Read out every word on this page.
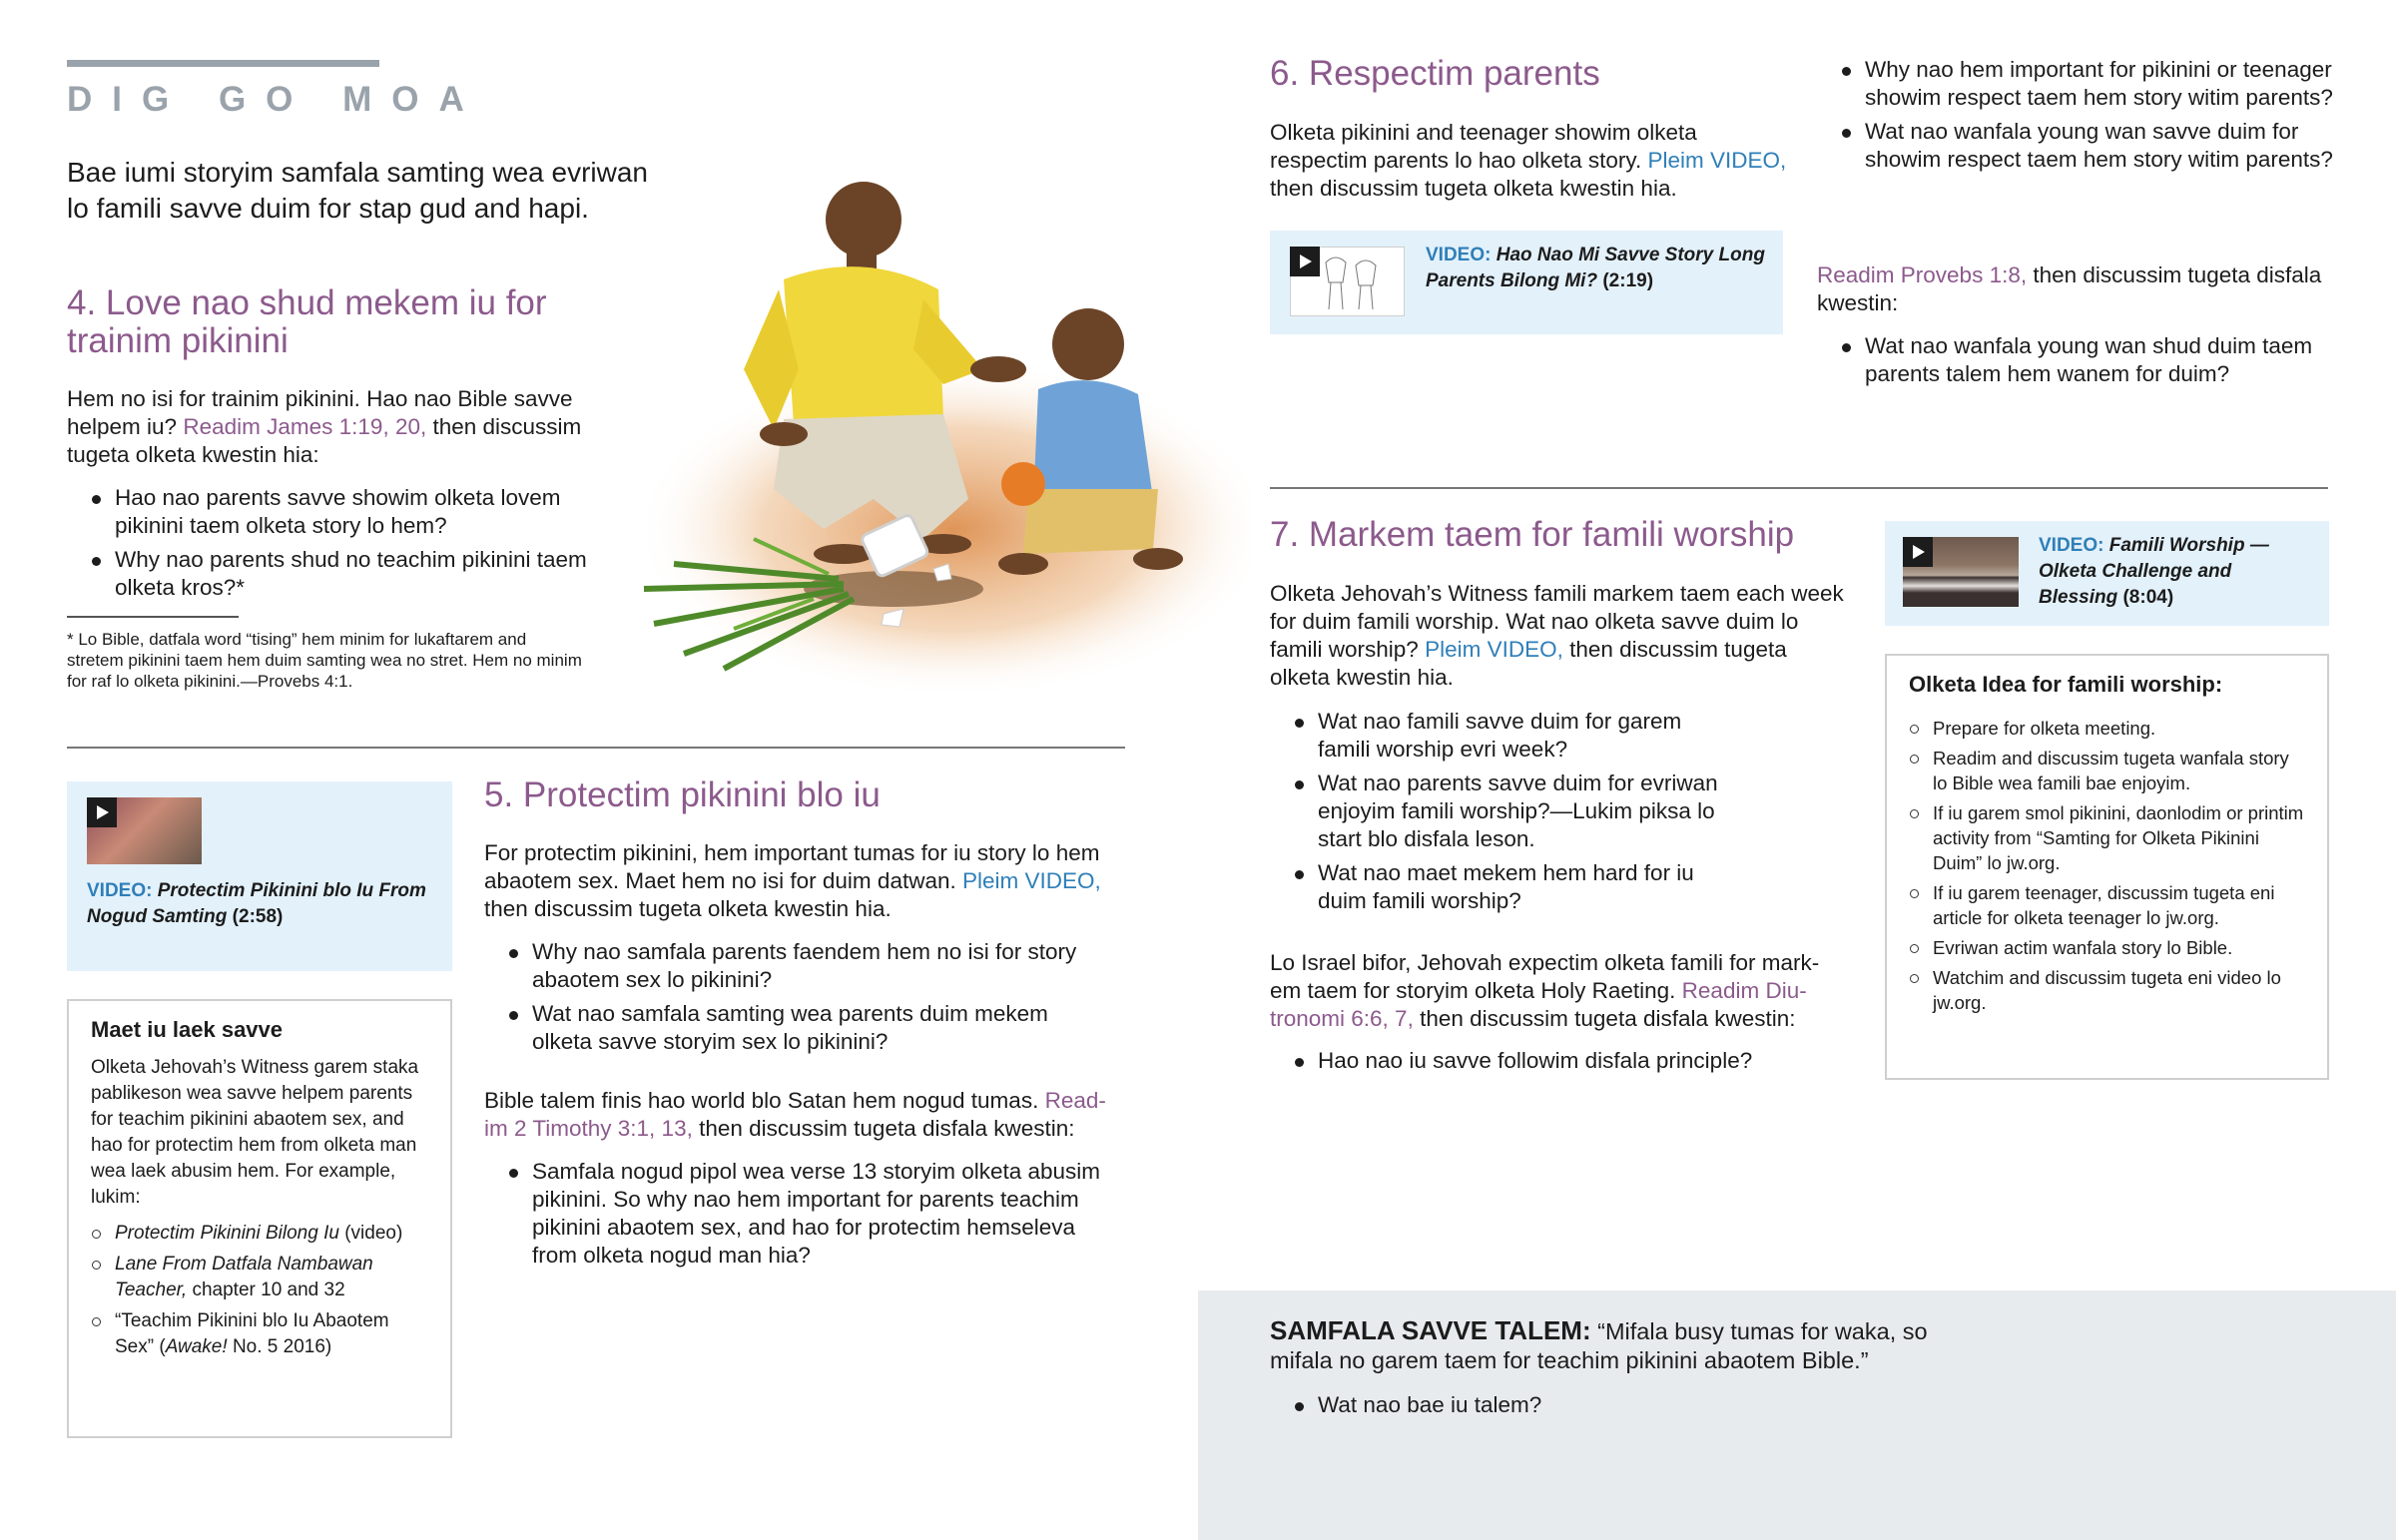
DIG GO MOA
Bae iumi storyim samfala samting wea evriwan lo famili savve duim for stap gud and hapi.
4. Love nao shud mekem iu for trainim pikinini
Hem no isi for trainim pikinini. Hao nao Bible savve helpem iu? Readim James 1:19, 20, then discussim tugeta olketa kwestin hia:
Hao nao parents savve showim olketa lovem pikinini taem olketa story lo hem?
Why nao parents shud no teachim pikinini taem olketa kros?*
* Lo Bible, datfala word “tising” hem minim for lukaftarem and stretem pikinini taem hem duim samting wea no stret. Hem no minim for raf lo olketa pikinini.—Provebs 4:1.
VIDEO: Protectim Pikinini blo Iu From Nogud Samting (2:58)
Maet iu laek savve
Olketa Jehovah’s Witness garem staka pablikeson wea savve helpem parents for teachim pikinini abaotem sex, and hao for protectim hem from olketa man wea laek abusim hem. For example, lukim:
Protectim Pikinini Bilong Iu (video)
Lane From Datfala Nambawan Teacher, chapter 10 and 32
“Teachim Pikinini blo Iu Abaotem Sex” (Awake! No. 5 2016)
5. Protectim pikinini blo iu
For protectim pikinini, hem important tumas for iu story lo hem abaotem sex. Maet hem no isi for duim datwan. Pleim VIDEO, then discussim tugeta olketa kwestin hia.
Why nao samfala parents faendem hem no isi for story abaotem sex lo pikinini?
Wat nao samfala samting wea parents duim mekem olketa savve storyim sex lo pikinini?
Bible talem finis hao world blo Satan hem nogud tumas. Read-im 2 Timothy 3:1, 13, then discussim tugeta disfala kwestin:
Samfala nogud pipol wea verse 13 storyim olketa abusim pikinini. So why nao hem important for parents teachim pikinini abaotem sex, and hao for protectim hemseleva from olketa nogud man hia?
6. Respectim parents
Olketa pikinini and teenager showim olketa respectim parents lo hao olketa story. Pleim VIDEO, then discussim tugeta olketa kwestin hia.
VIDEO: Hao Nao Mi Savve Story Long Parents Bilong Mi? (2:19)
Why nao hem important for pikinini or teenager showim respect taem hem story witim parents?
Wat nao wanfala young wan savve duim for showim respect taem hem story witim parents?
Readim Provebs 1:8, then discussim tugeta disfala kwestin:
Wat nao wanfala young wan shud duim taem parents talem hem wanem for duim?
7. Markem taem for famili worship
Olketa Jehovah’s Witness famili markem taem each week for duim famili worship. Wat nao olketa savve duim lo famili worship? Pleim VIDEO, then discussim tugeta olketa kwestin hia.
Wat nao famili savve duim for garem famili worship evri week?
Wat nao parents savve duim for evriwan enjoyim famili worship?—Lukim piksa lo start blo disfala leson.
Wat nao maet mekem hem hard for iu duim famili worship?
Lo Israel bifor, Jehovah expectim olketa famili for mark-em taem for storyim olketa Holy Raeting. Readim Diu-tronomi 6:6, 7, then discussim tugeta disfala kwestin:
Hao nao iu savve followim disfala principle?
VIDEO: Famili Worship —Olketa Challenge and Blessing (8:04)
Olketa Idea for famili worship:
Prepare for olketa meeting.
Readim and discussim tugeta wanfala story lo Bible wea famili bae enjoyim.
If iu garem smol pikinini, daonlodim or printim activity from “Samting for Olketa Pikinini Duim” lo jw.org.
If iu garem teenager, discussim tugeta eni article for olketa teenager lo jw.org.
Evriwan actim wanfala story lo Bible.
Watchim and discussim tugeta eni video lo jw.org.
SAMFALA SAVVE TALEM: “Mifala busy tumas for waka, so mifala no garem taem for teachim pikinini abaotem Bible.”
Wat nao bae iu talem?
